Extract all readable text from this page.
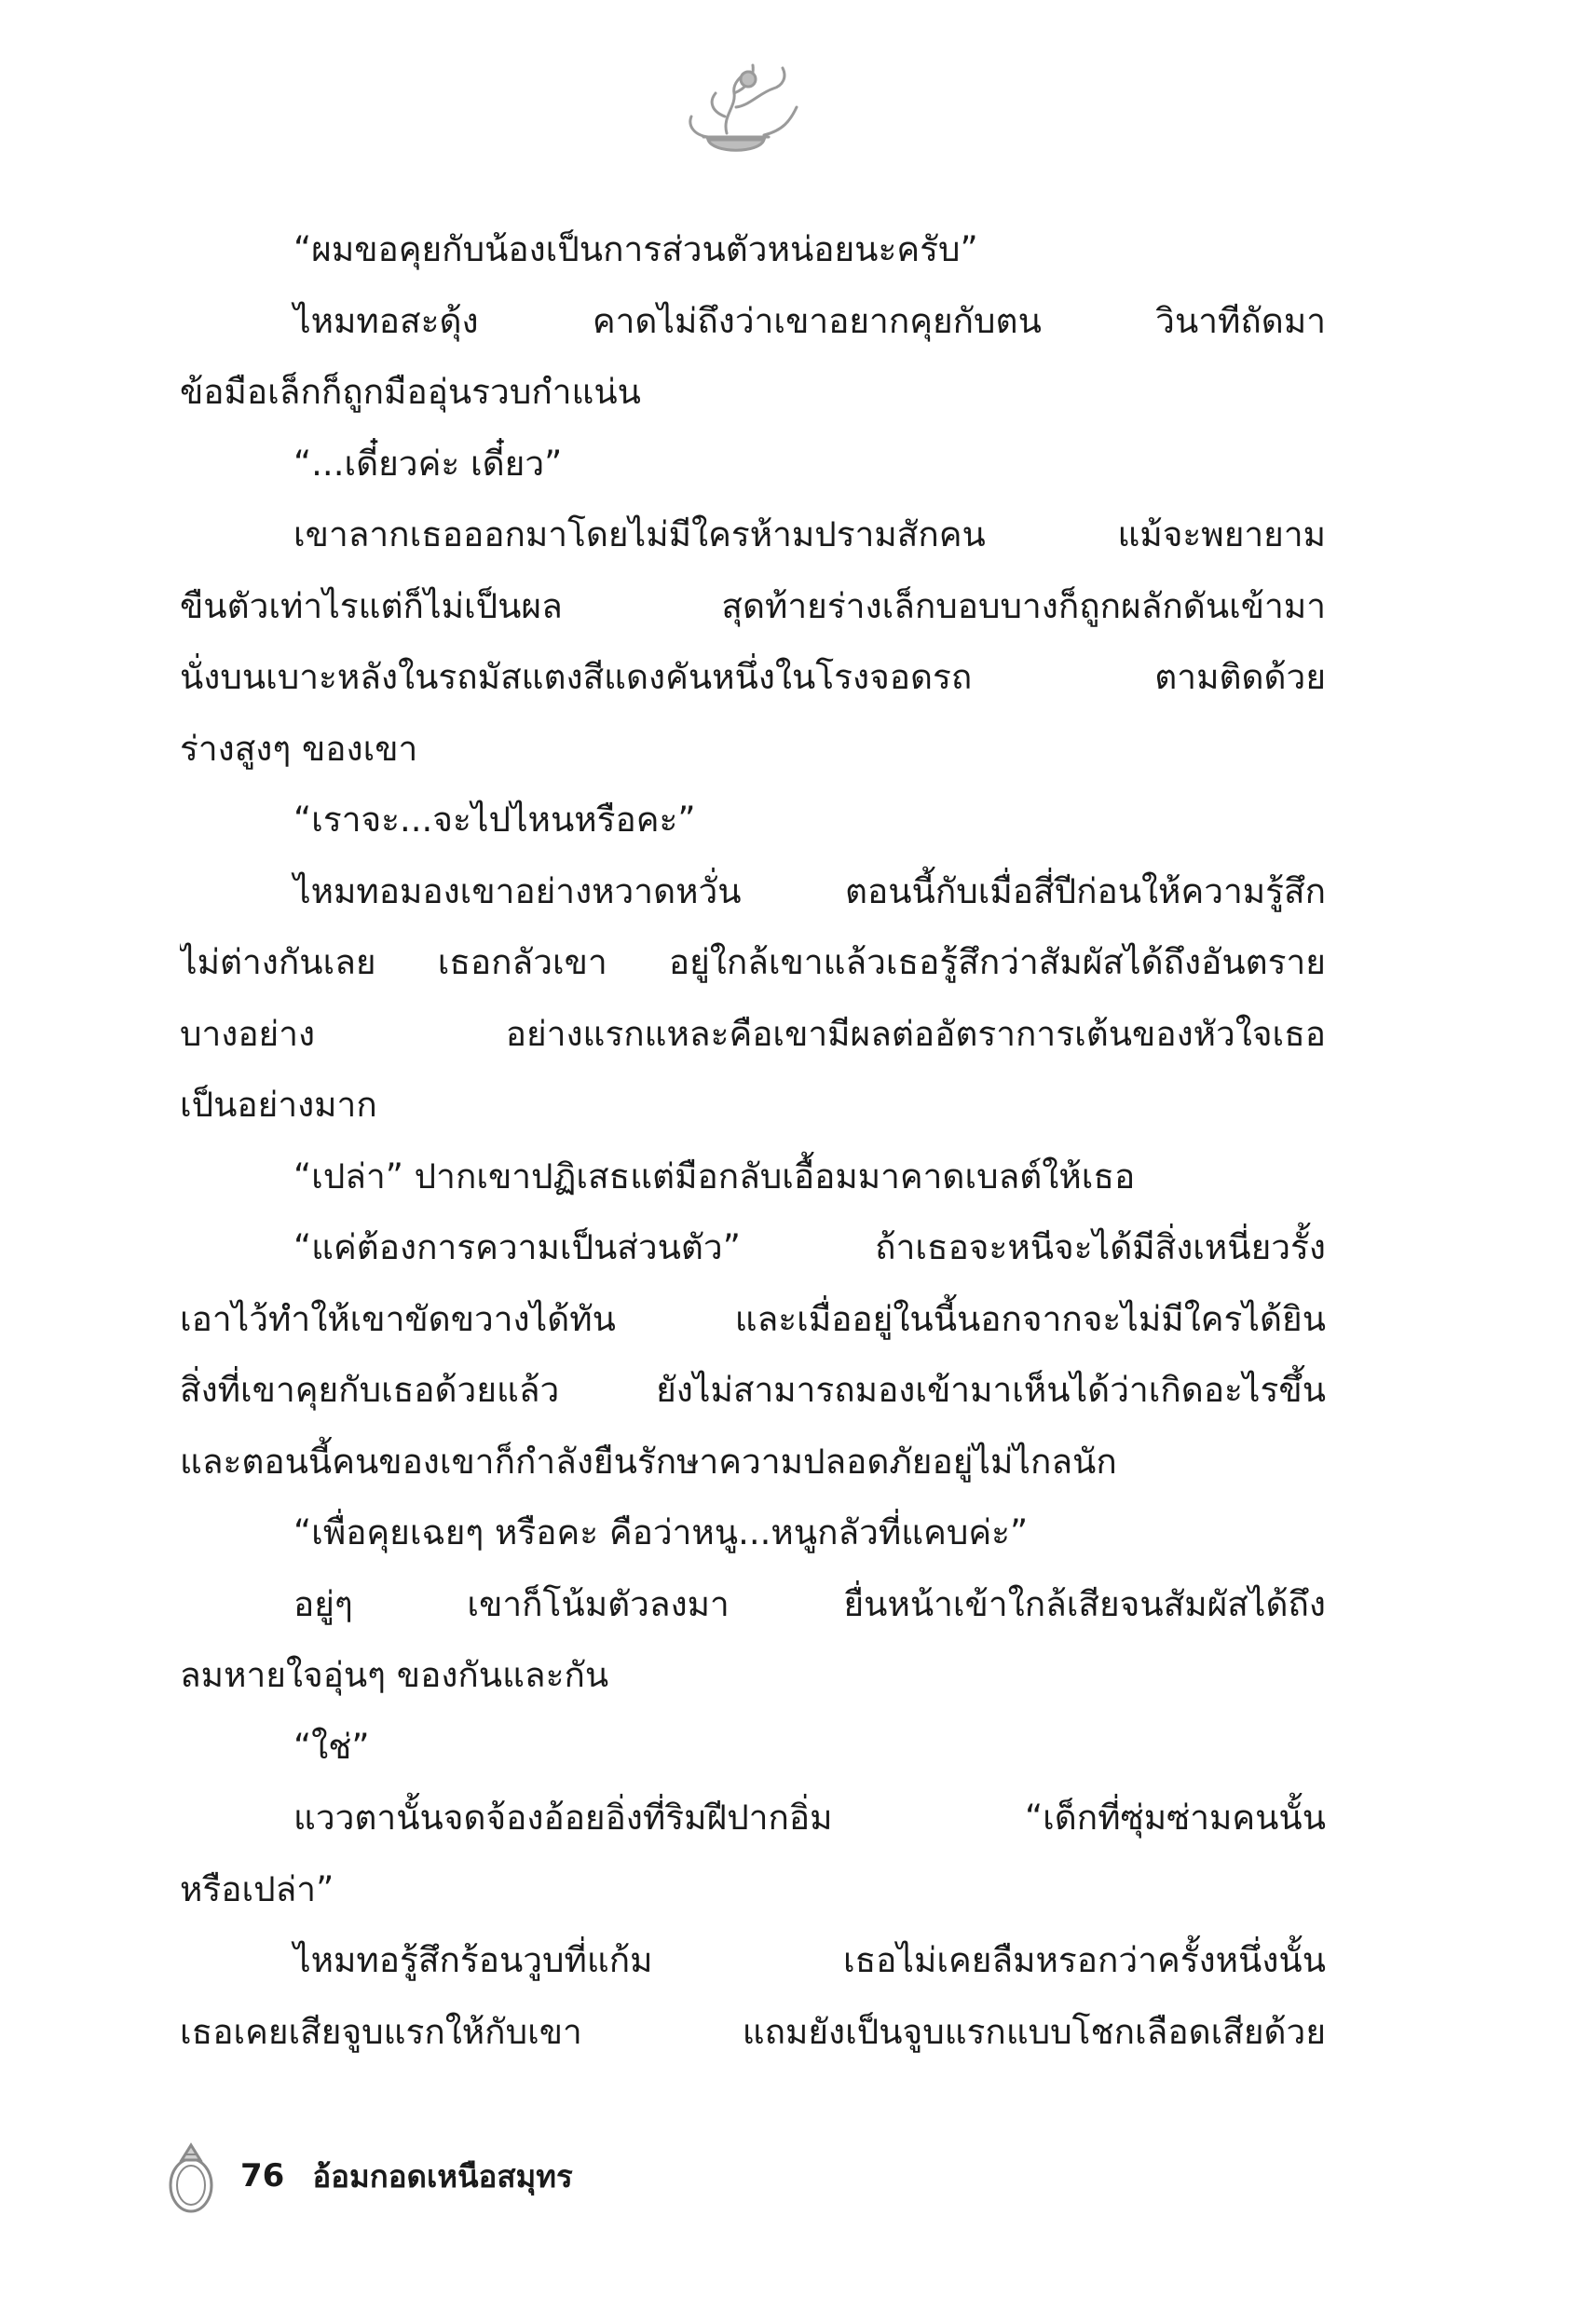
“ผมขอคุยกับน้องเป็นการส่วนตัวหน่อยนะครับ”
ไหมทอสะดุ้ง คาดไม่ถึงว่าเขาอยากคุยกับตน วินาทีถัดมา
ข้อมือเล็กก็ถูกมืออุ่นรวบกำแน่น
“...เดี๋ยวค่ะ เดี๋ยว”
เขาลากเธอออกมาโดยไม่มีใครห้ามปรามสักคน แม้จะพยายาม
ขืนตัวเท่าไรแต่ก็ไม่เป็นผล สุดท้ายร่างเล็กบอบบางก็ถูกผลักดันเข้ามา
นั่งบนเบาะหลังในรถมัสแตงสีแดงคันหนึ่งในโรงจอดรถ ตามติดด้วย
ร่างสูงๆ ของเขา
“เราจะ...จะไปไหนหรือคะ”
ไหมทอมองเขาอย่างหวาดหวั่น ตอนนี้กับเมื่อสี่ปีก่อนให้ความรู้สึก
ไม่ต่างกันเลย เธอกลัวเขา อยู่ใกล้เขาแล้วเธอรู้สึกว่าสัมผัสได้ถึงอันตราย
บางอย่าง อย่างแรกแหละคือเขามีผลต่ออัตราการเต้นของหัวใจเธอ
เป็นอย่างมาก
“เปล่า” ปากเขาปฏิเสธแต่มือกลับเอื้อมมาคาดเบลต์ให้เธอ
“แค่ต้องการความเป็นส่วนตัว” ถ้าเธอจะหนีจะได้มีสิ่งเหนี่ยวรั้ง
เอาไว้ทำให้เขาขัดขวางได้ทัน และเมื่ออยู่ในนี้นอกจากจะไม่มีใครได้ยิน
สิ่งที่เขาคุยกับเธอด้วยแล้ว ยังไม่สามารถมองเข้ามาเห็นได้ว่าเกิดอะไรขึ้น
และตอนนี้คนของเขาก็กำลังยืนรักษาความปลอดภัยอยู่ไม่ไกลนัก
“เพื่อคุยเฉยๆ หรือคะ คือว่าหนู...หนูกลัวที่แคบค่ะ”
อยู่ๆ เขาก็โน้มตัวลงมา ยื่นหน้าเข้าใกล้เสียจนสัมผัสได้ถึง
ลมหายใจอุ่นๆ ของกันและกัน
“ใช่”
แววตานั้นจดจ้องอ้อยอิ่งที่ริมฝีปากอิ่ม “เด็กที่ซุ่มซ่ามคนนั้น
หรือเปล่า”
ไหมทอรู้สึกร้อนวูบที่แก้ม เธอไม่เคยลืมหรอกว่าครั้งหนึ่งนั้น
เธอเคยเสียจูบแรกให้กับเขา แถมยังเป็นจูบแรกแบบโชกเลือดเสียด้วย
76 อ้อมกอดเหนือสมุทร
